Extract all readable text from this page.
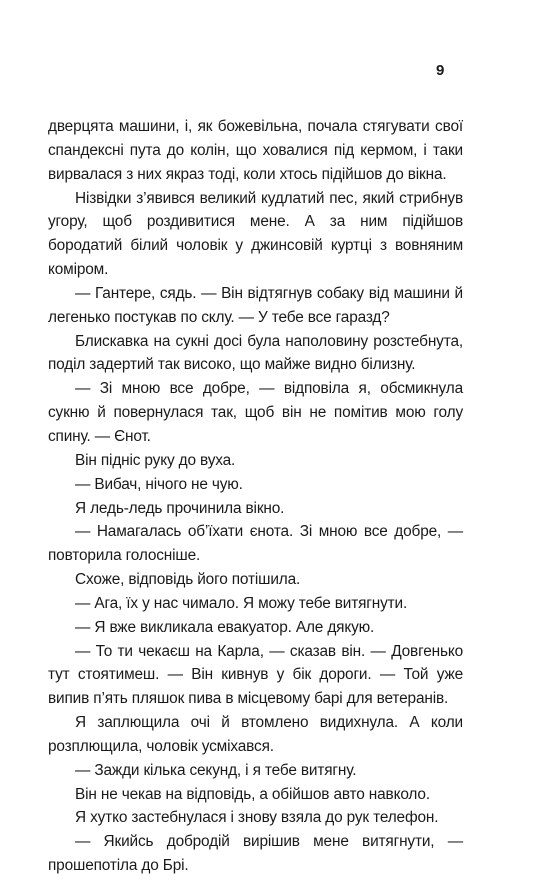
9

дверцята машини, і, як божевільна, почала стягувати свої спандексні пута до колін, що ховалися під кермом, і таки вирвалася з них якраз тоді, коли хтось підійшов до вікна.

Нізвідки з’явився великий кудлатий пес, який стрибнув угору, щоб роздивитися мене. А за ним підійшов бородатий білий чоловік у джинсовій куртці з вовняним коміром.

— Гантере, сядь. — Він відтягнув собаку від машини й легенько постукав по склу. — У тебе все гаразд?

Блискавка на сукні досі була наполовину розстебнута, поділ задертий так високо, що майже видно білизну.

— Зі мною все добре, — відповіла я, обсмикнула сукню й повернулася так, щоб він не помітив мою голу спину. — Єнот.

Він підніс руку до вуха.

— Вибач, нічого не чую.

Я ледь-ледь прочинила вікно.

— Намагалась об’їхати єнота. Зі мною все добре, — повторила голосніше.

Схоже, відповідь його потішила.

— Ага, їх у нас чимало. Я можу тебе витягнути.

— Я вже викликала евакуатор. Але дякую.

— То ти чекаєш на Карла, — сказав він. — Довгенько тут стоятимеш. — Він кивнув у бік дороги. — Той уже випив п’ять пляшок пива в місцевому барі для ветеранів.

Я заплющила очі й втомлено видихнула. А коли розплющила, чоловік усміхався.

— Зажди кілька секунд, і я тебе витягну.

Він не чекав на відповідь, а обійшов авто навколо.

Я хутко застебнулася і знову взяла до рук телефон.

— Якийсь добродій вирішив мене витягнути, — прошепотіла до Брі.
